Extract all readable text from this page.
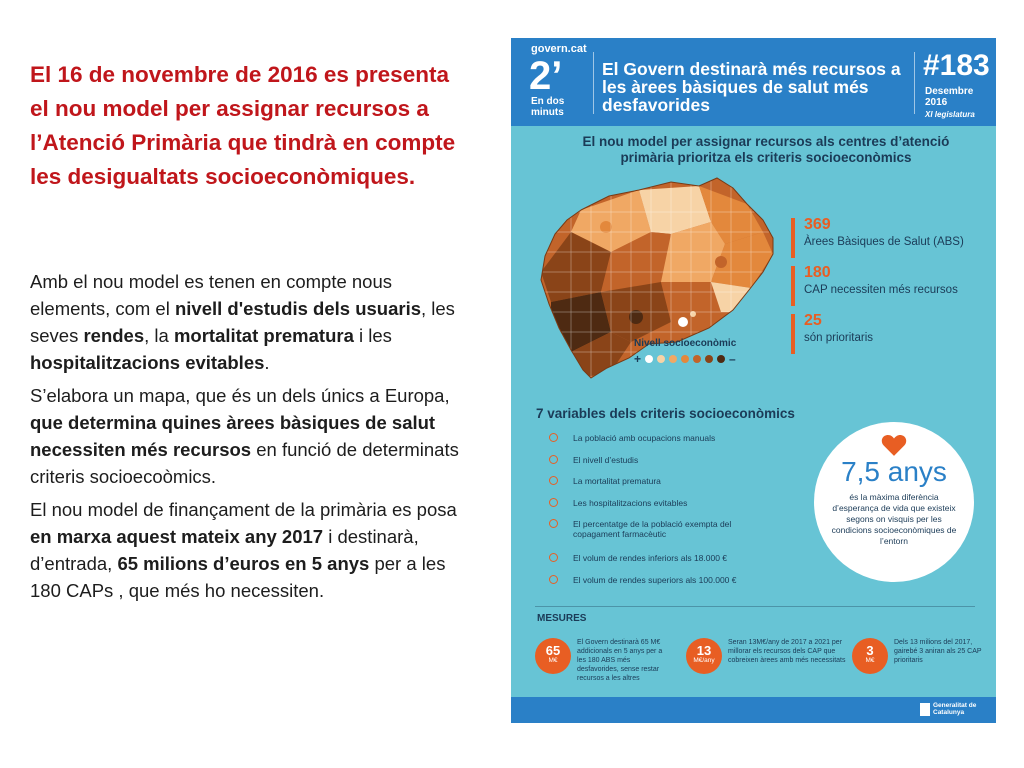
El 16 de novembre de 2016 es presenta el nou model per assignar recursos a l’Atenció Primària que tindrà en compte les desigualtats socioeconòmiques.

Amb el nou model es tenen en compte nous elements, com el nivell d'estudis dels usuaris, les seves rendes, la mortalitat prematura i les hospitalitzacions evitables.

S’elabora un mapa, que és un dels únics a Europa, que determina quines àrees bàsiques de salut necessiten més recursos en funció de determinats criteris socioecoòmics.

El nou model de finançament de la primària es posa en marxa aquest mateix any 2017 i destinarà, d’entrada, 65 milions d’euros en 5 anys per a les 180 CAPs , que més ho necessiten.

govern.cat
2’
En dos minuts
El Govern destinarà més recursos a les àrees bàsiques de salut més desfavorides
#183
Desembre 2016
XI legislatura
El nou model per assignar recursos als centres d’atenció primària prioritza els criteris socioeconòmics
369
Àrees Bàsiques de Salut (ABS)
180
CAP necessiten més recursos
25
són prioritaris
Nivell socioeconòmic
+	–
7 variables dels criteris socioeconòmics
La població amb ocupacions manuals
El nivell d’estudis
La mortalitat prematura
Les hospitalitzacions evitables
El percentatge de la població exempta del copagament farmacèutic
El volum de rendes inferiors als 18.000 €
El volum de rendes superiors als 100.000 €
7,5 anys
és la màxima diferència d’esperança de vida que existeix segons on visquis per les condicions socioeconòmiques de l’entorn
MESURES
65
M€
El Govern destinarà 65 M€ addicionals en 5 anys per a les 180 ABS més desfavorides, sense restar recursos a les altres
13
M€/any
Seran 13M€/any de 2017 a 2021 per millorar els recursos dels CAP que cobreixen àrees amb més necessitats
3
M€
Dels 13 milions del 2017, gairebé 3 aniran als 25 CAP prioritaris
Generalitat de Catalunya
